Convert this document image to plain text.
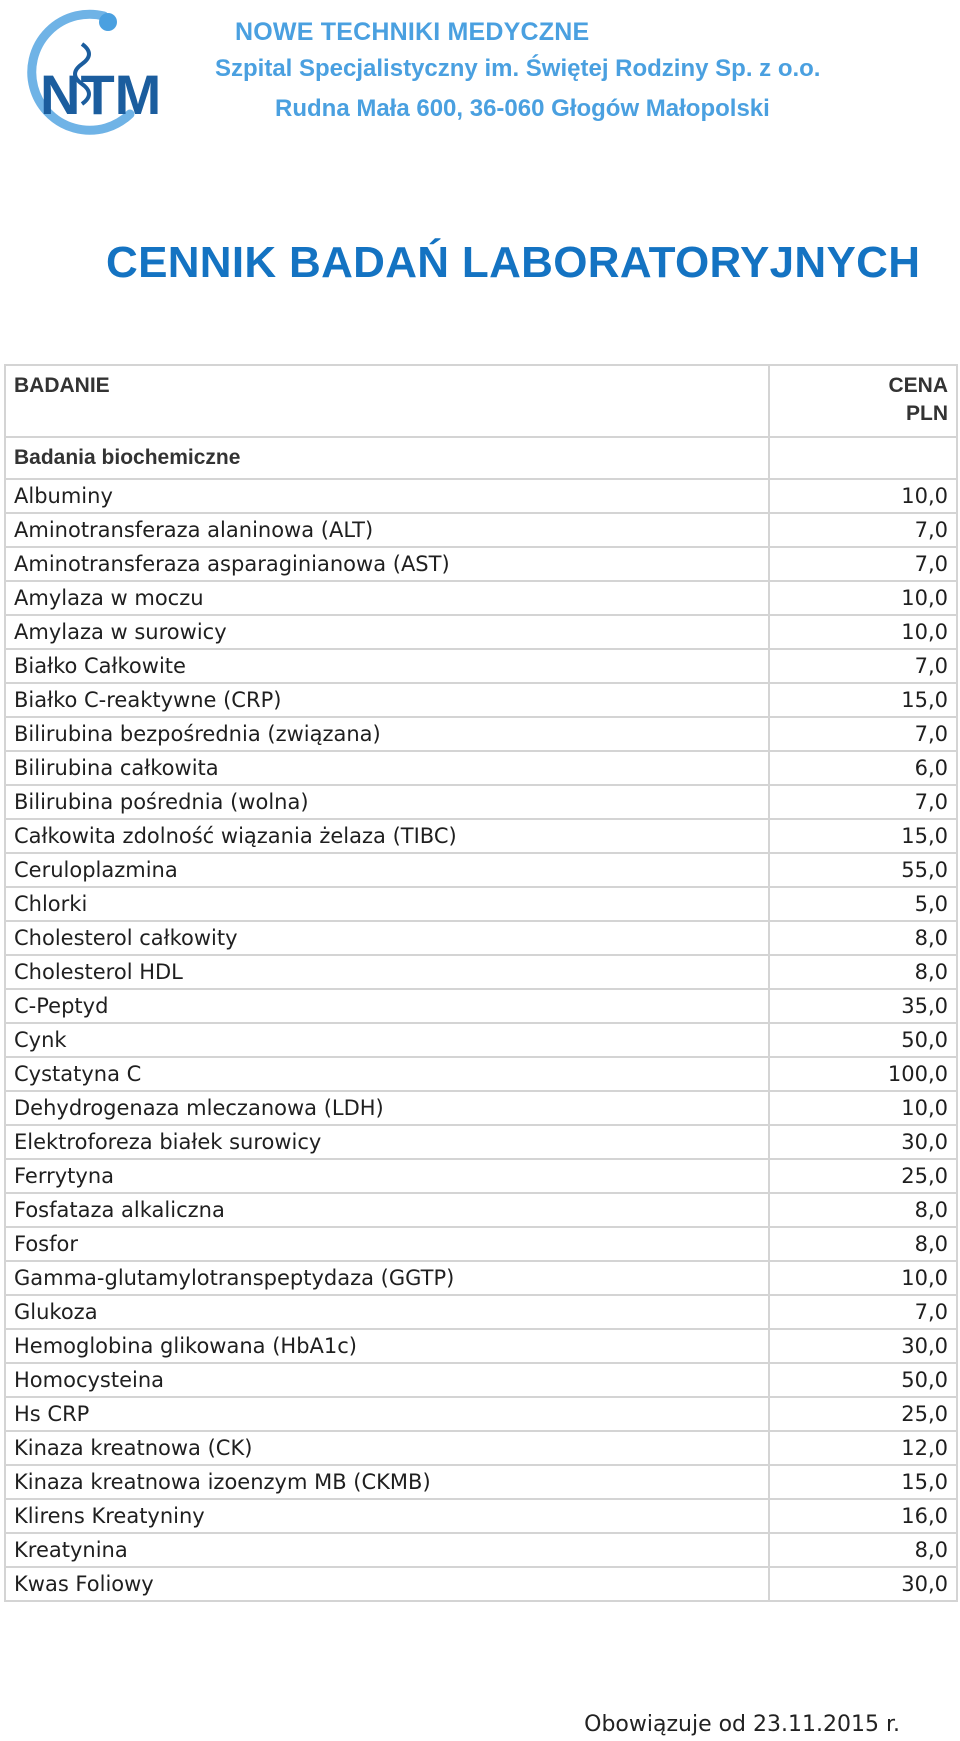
NTM
NOWE TECHNIKI MEDYCZNE
Szpital Specjalistyczny im. Świętej Rodziny Sp. z o.o.
Rudna Mała 600, 36-060 Głogów Małopolski
CENNIK BADAŃ LABORATORYJNYCH
BADANIE	CENA
PLN
Badania biochemiczne	
Albuminy	10,0
Aminotransferaza alaninowa (ALT)	7,0
Aminotransferaza asparaginianowa (AST)	7,0
Amylaza w moczu	10,0
Amylaza w surowicy	10,0
Białko Całkowite	7,0
Białko C-reaktywne (CRP)	15,0
Bilirubina bezpośrednia (związana)	7,0
Bilirubina całkowita	6,0
Bilirubina pośrednia (wolna)	7,0
Całkowita zdolność wiązania żelaza (TIBC)	15,0
Ceruloplazmina	55,0
Chlorki	5,0
Cholesterol całkowity	8,0
Cholesterol HDL	8,0
C-Peptyd	35,0
Cynk	50,0
Cystatyna C	100,0
Dehydrogenaza mleczanowa (LDH)	10,0
Elektroforeza białek surowicy	30,0
Ferrytyna	25,0
Fosfataza alkaliczna	8,0
Fosfor	8,0
Gamma-glutamylotranspeptydaza (GGTP)	10,0
Glukoza	7,0
Hemoglobina glikowana (HbA1c)	30,0
Homocysteina	50,0
Hs CRP	25,0
Kinaza kreatnowa (CK)	12,0
Kinaza kreatnowa izoenzym MB (CKMB)	15,0
Klirens Kreatyniny	16,0
Kreatynina	8,0
Kwas Foliowy	30,0
Obowiązuje od 23.11.2015 r.
